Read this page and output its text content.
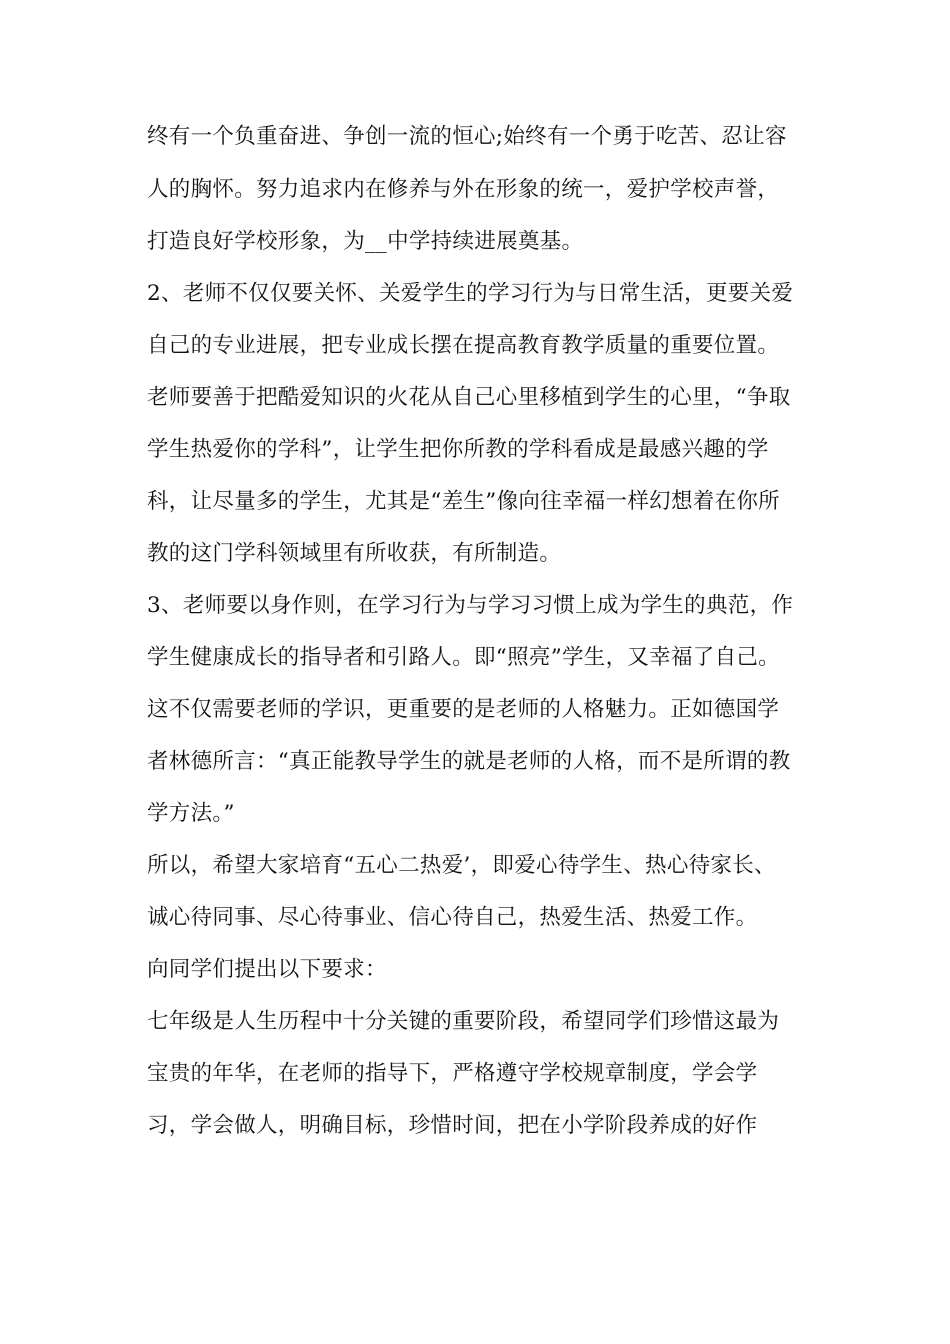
终有一个负重奋进、争创一流的恒心;始终有一个勇于吃苦、忍让容
人的胸怀。努力追求内在修养与外在形象的统一，爱护学校声誉，
打造良好学校形象，为__中学持续进展奠基。
2、老师不仅仅要关怀、关爱学生的学习行为与日常生活，更要关爱
自己的专业进展，把专业成长摆在提高教育教学质量的重要位置。
老师要善于把酷爱知识的火花从自己心里移植到学生的心里，“争取
学生热爱你的学科”，让学生把你所教的学科看成是最感兴趣的学
科，让尽量多的学生，尤其是“差生”像向往幸福一样幻想着在你所
教的这门学科领域里有所收获，有所制造。
3、老师要以身作则，在学习行为与学习习惯上成为学生的典范，作
学生健康成长的指导者和引路人。即“照亮”学生，又幸福了自己。
这不仅需要老师的学识，更重要的是老师的人格魅力。正如德国学
者林德所言：“真正能教导学生的就是老师的人格，而不是所谓的教
学方法。”
所以，希望大家培育“五心二热爱’，即爱心待学生、热心待家长、
诚心待同事、尽心待事业、信心待自己，热爱生活、热爱工作。
向同学们提出以下要求：
七年级是人生历程中十分关键的重要阶段，希望同学们珍惜这最为
宝贵的年华，在老师的指导下，严格遵守学校规章制度，学会学
习，学会做人，明确目标，珍惜时间，把在小学阶段养成的好作
